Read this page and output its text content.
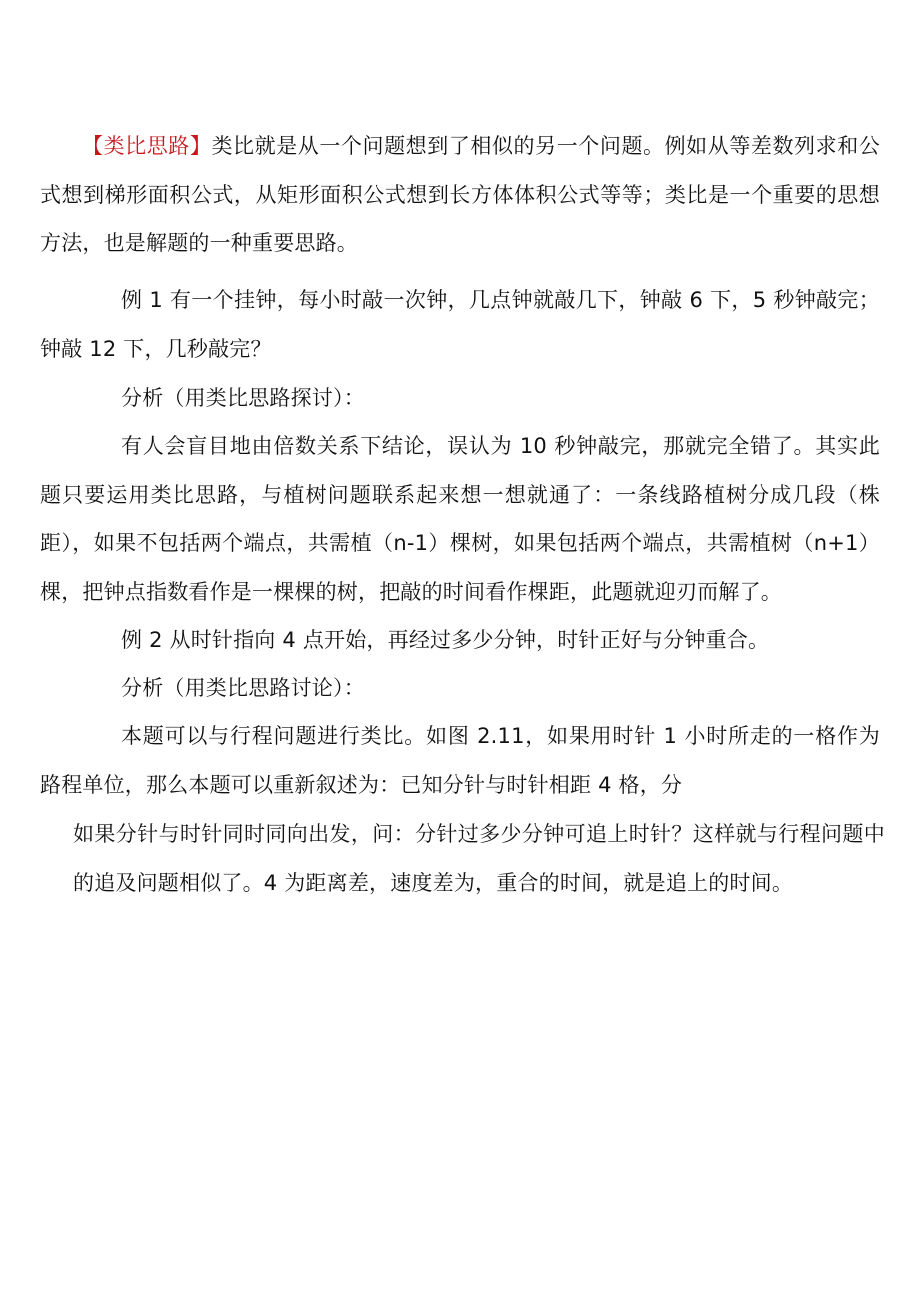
【类比思路】类比就是从一个问题想到了相似的另一个问题。例如从等差数列求和公式想到梯形面积公式，从矩形面积公式想到长方体体积公式等等；类比是一个重要的思想方法，也是解题的一种重要思路。

例 1 有一个挂钟，每小时敲一次钟，几点钟就敲几下，钟敲 6 下，5 秒钟敲完；钟敲 12 下，几秒敲完？

分析（用类比思路探讨）：

有人会盲目地由倍数关系下结论，误认为 10 秒钟敲完，那就完全错了。其实此题只要运用类比思路，与植树问题联系起来想一想就通了：一条线路植树分成几段（株距），如果不包括两个端点，共需植（n-1）棵树，如果包括两个端点，共需植树（n+1）棵，把钟点指数看作是一棵棵的树，把敲的时间看作棵距，此题就迎刃而解了。

例 2 从时针指向 4 点开始，再经过多少分钟，时针正好与分钟重合。

分析（用类比思路讨论）：

本题可以与行程问题进行类比。如图 2.11，如果用时针 1 小时所走的一格作为路程单位，那么本题可以重新叙述为：已知分针与时针相距 4 格，分

如果分针与时针同时同向出发，问：分针过多少分钟可追上时针？这样就与行程问题中的追及问题相似了。4 为距离差，速度差为，重合的时间，就是追上的时间。
